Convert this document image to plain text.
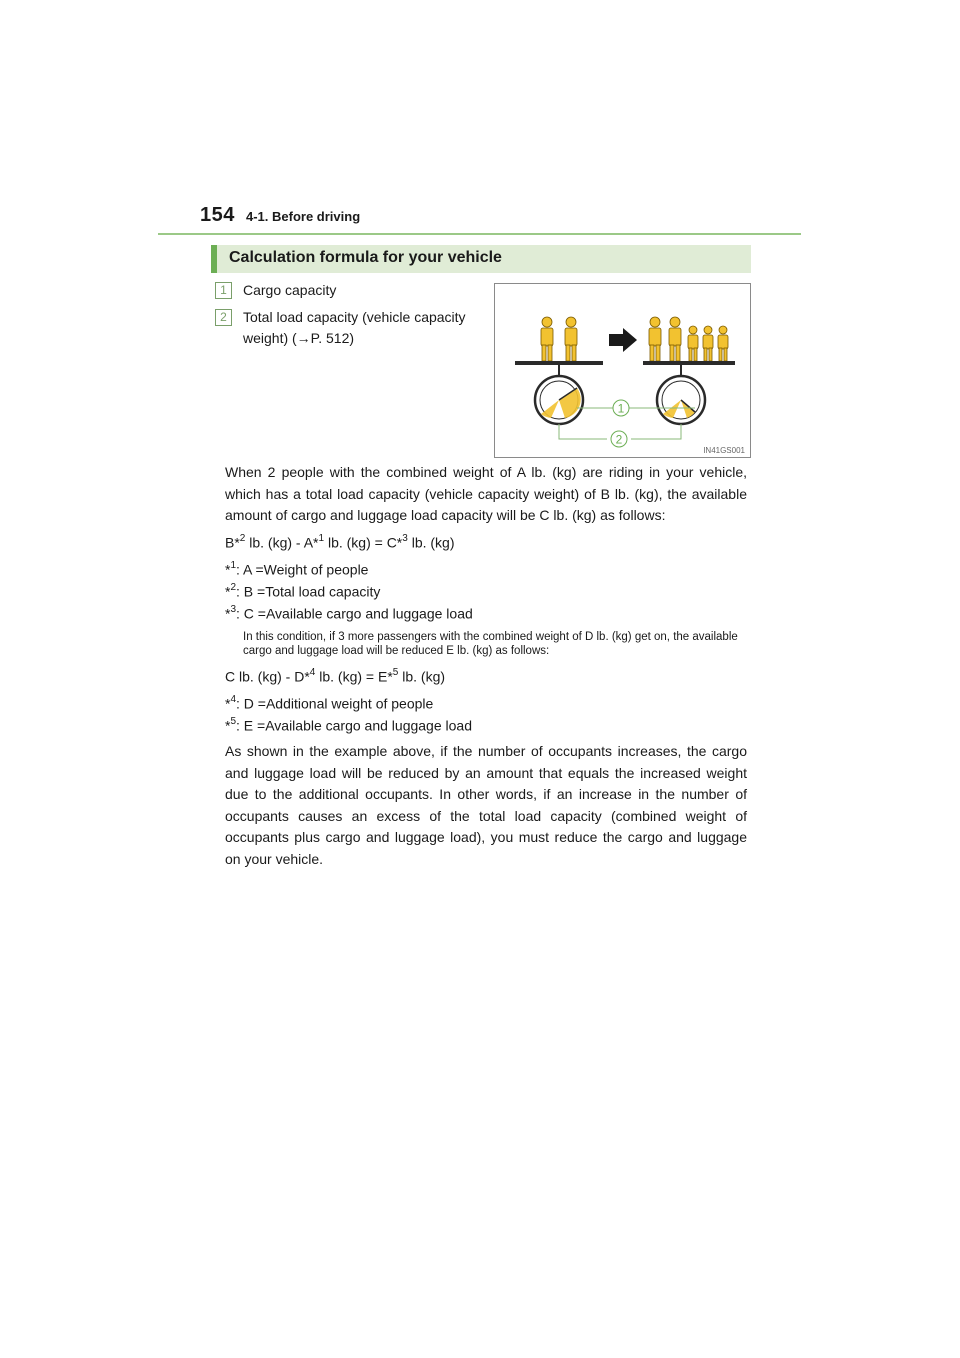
154 4-1. Before driving
Calculation formula for your vehicle
1	Cargo capacity
2	Total load capacity (vehicle capacity
weight) (→P. 512)
1
2
IN41GS001
When 2 people with the combined weight of A lb. (kg) are riding in your vehicle, which has a total load capacity (vehicle capacity weight) of B lb. (kg), the available amount of cargo and luggage load capacity will be C lb. (kg) as follows:
B*$^2$ lb. (kg) - A*$^1$ lb. (kg) = C*$^3$ lb. (kg)
*$^1$: A =Weight of people
*$^2$: B =Total load capacity
*$^3$: C =Available cargo and luggage load
In this condition, if 3 more passengers with the combined weight of D lb. (kg) get on, the available cargo and luggage load will be reduced E lb. (kg) as follows:
C lb. (kg) - D*$^4$ lb. (kg) = E*$^5$ lb. (kg)
*$^4$: D =Additional weight of people
*$^5$: E =Available cargo and luggage load
As shown in the example above, if the number of occupants increases, the cargo and luggage load will be reduced by an amount that equals the increased weight due to the additional occupants. In other words, if an increase in the number of occupants causes an excess of the total load capacity (combined weight of occupants plus cargo and luggage load), you must reduce the cargo and luggage on your vehicle.
